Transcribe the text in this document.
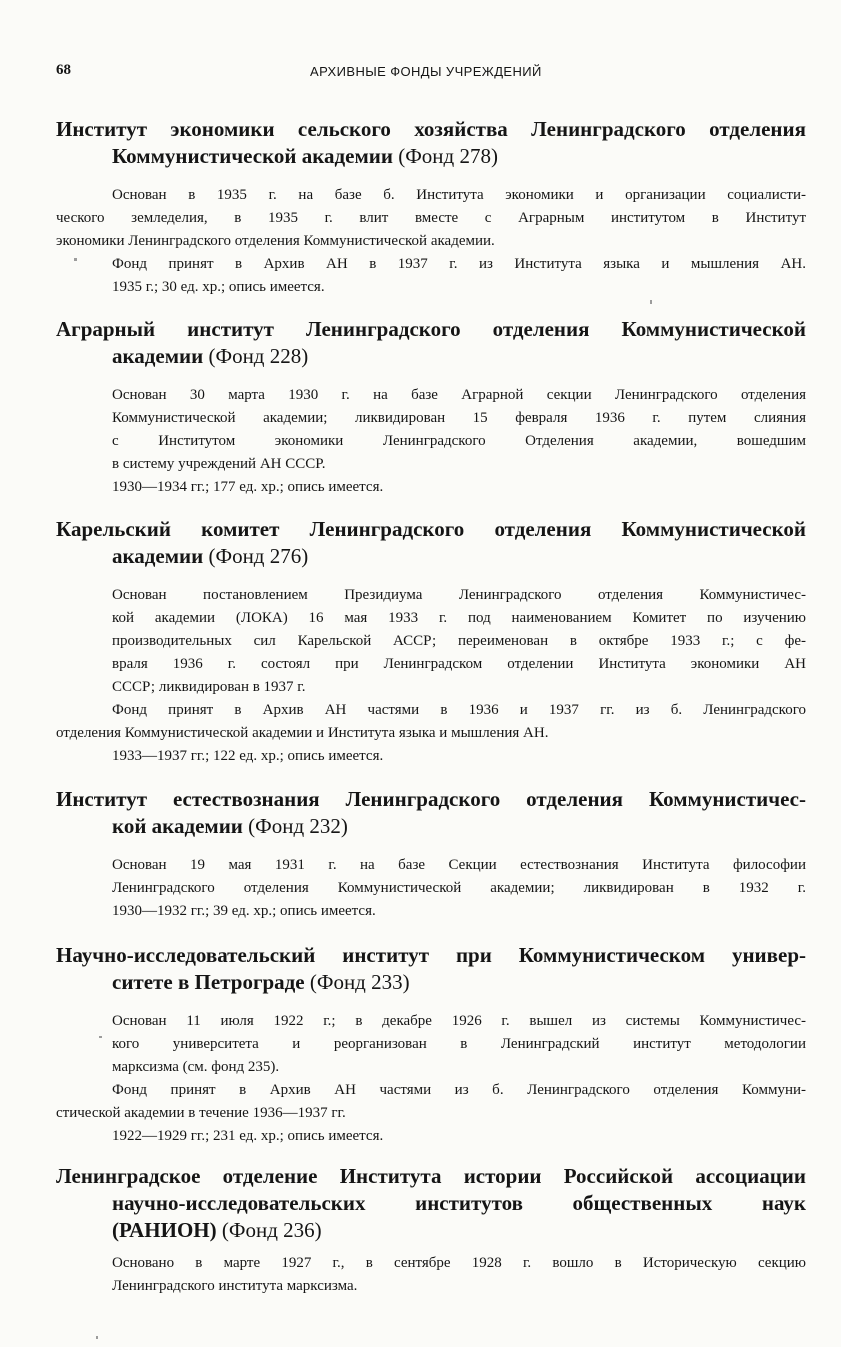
68	АРХИВНЫЕ ФОНДЫ УЧРЕЖДЕНИЙ
Институт экономики сельского хозяйства Ленинградского отделения
Коммунистической академии (Фонд 278)

Основан в 1935 г. на базе б. Института экономики и организации социалисти-
ческого земледелия, в 1935 г. влит вместе с Аграрным институтом в Институт
экономики Ленинградского отделения Коммунистической академии.

Фонд принят в Архив АН в 1937 г. из Института языка и мышления АН.

1935 г.; 30 ед. хр.; опись имеется.

Аграрный институт Ленинградского отделения Коммунистической
академии (Фонд 228)

Основан 30 марта 1930 г. на базе Аграрной секции Ленинградского отделения
Коммунистической академии; ликвидирован 15 февраля 1936 г. путем слияния
с Институтом экономики Ленинградского Отделения академии, вошедшим
в систему учреждений АН СССР.

1930—1934 гг.; 177 ед. хр.; опись имеется.

Карельский комитет Ленинградского отделения Коммунистической
академии (Фонд 276)

Основан постановлением Президиума Ленинградского отделения Коммунистичес-
кой академии (ЛОКА) 16 мая 1933 г. под наименованием Комитет по изучению
производительных сил Карельской АССР; переименован в октябре 1933 г.; с фе-
враля 1936 г. состоял при Ленинградском отделении Института экономики АН
СССР; ликвидирован в 1937 г.

Фонд принят в Архив АН частями в 1936 и 1937 гг. из б. Ленинградского
отделения Коммунистической академии и Института языка и мышления АН.

1933—1937 гг.; 122 ед. хр.; опись имеется.

Институт естествознания Ленинградского отделения Коммунистичес-
кой академии (Фонд 232)

Основан 19 мая 1931 г. на базе Секции естествознания Института философии
Ленинградского отделения Коммунистической академии; ликвидирован в 1932 г.

1930—1932 гг.; 39 ед. хр.; опись имеется.

Научно-исследовательский институт при Коммунистическом универ-
ситете в Петрограде (Фонд 233)

Основан 11 июля 1922 г.; в декабре 1926 г. вышел из системы Коммунистичес-
кого университета и реорганизован в Ленинградский институт методологии
марксизма (см. фонд 235).

Фонд принят в Архив АН частями из б. Ленинградского отделения Коммуни-
стической академии в течение 1936—1937 гг.

1922—1929 гг.; 231 ед. хр.; опись имеется.

Ленинградское отделение Института истории Российской ассоциации
научно-исследовательских институтов общественных наук
(РАНИОН) (Фонд 236)

Основано в марте 1927 г., в сентябре 1928 г. вошло в Историческую секцию
Ленинградского института марксизма.
